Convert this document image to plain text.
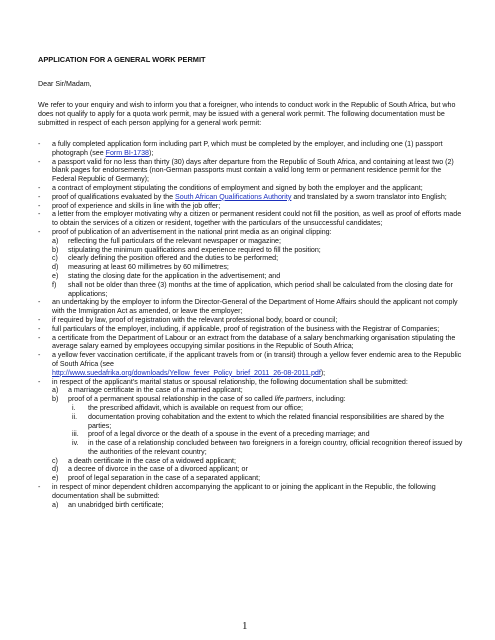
APPLICATION FOR A GENERAL WORK PERMIT
Dear Sir/Madam,
We refer to your enquiry and wish to inform you that a foreigner, who intends to conduct work in the Republic of South Africa, but who does not qualify to apply for a quota work permit, may be issued with a general work permit. The following documentation must be submitted in respect of each person applying for a general work permit:
- a fully completed application form including part P, which must be completed by the employer, and including one (1) passport photograph (see Form BI-1738);
- a passport valid for no less than thirty (30) days after departure from the Republic of South Africa, and containing at least two (2) blank pages for endorsements (non-German passports must contain a valid long term or permanent residence permit for the Federal Republic of Germany);
- a contract of employment stipulating the conditions of employment and signed by both the employer and the applicant;
- proof of qualifications evaluated by the South African Qualifications Authority and translated by a sworn translator into English;
- proof of experience and skills in line with the job offer;
- a letter from the employer motivating why a citizen or permanent resident could not fill the position, as well as proof of efforts made to obtain the services of a citizen or resident, together with the particulars of the unsuccessful candidates;
- proof of publication of an advertisement in the national print media as an original clipping:
a) reflecting the full particulars of the relevant newspaper or magazine;
b) stipulating the minimum qualifications and experience required to fill the position;
c) clearly defining the position offered and the duties to be performed;
d) measuring at least 60 millimetres by 60 millimetres;
e) stating the closing date for the application in the advertisement; and
f) shall not be older than three (3) months at the time of application, which period shall be calculated from the closing date for applications;
- an undertaking by the employer to inform the Director-General of the Department of Home Affairs should the applicant not comply with the Immigration Act as amended, or leave the employer;
- if required by law, proof of registration with the relevant professional body, board or council;
- full particulars of the employer, including, if applicable, proof of registration of the business with the Registrar of Companies;
- a certificate from the Department of Labour or an extract from the database of a salary benchmarking organisation stipulating the average salary earned by employees occupying similar positions in the Republic of South Africa;
- a yellow fever vaccination certificate, if the applicant travels from or (in transit) through a yellow fever endemic area to the Republic of South Africa (see
http://www.suedafrika.org/downloads/Yellow_fever_Policy_brief_2011_26-08-2011.pdf);
- in respect of the applicant's marital status or spousal relationship, the following documentation shall be submitted:
a) a marriage certificate in the case of a married applicant;
b) proof of a permanent spousal relationship in the case of so called life partners, including:
i. the prescribed affidavit, which is available on request from our office;
ii. documentation proving cohabitation and the extent to which the related financial responsibilities are shared by the parties;
iii. proof of a legal divorce or the death of a spouse in the event of a preceding marriage; and
iv. in the case of a relationship concluded between two foreigners in a foreign country, official recognition thereof issued by the authorities of the relevant country;
c) a death certificate in the case of a widowed applicant;
d) a decree of divorce in the case of a divorced applicant; or
e) proof of legal separation in the case of a separated applicant;
- in respect of minor dependent children accompanying the applicant to or joining the applicant in the Republic, the following documentation shall be submitted:
a) an unabridged birth certificate;
1
